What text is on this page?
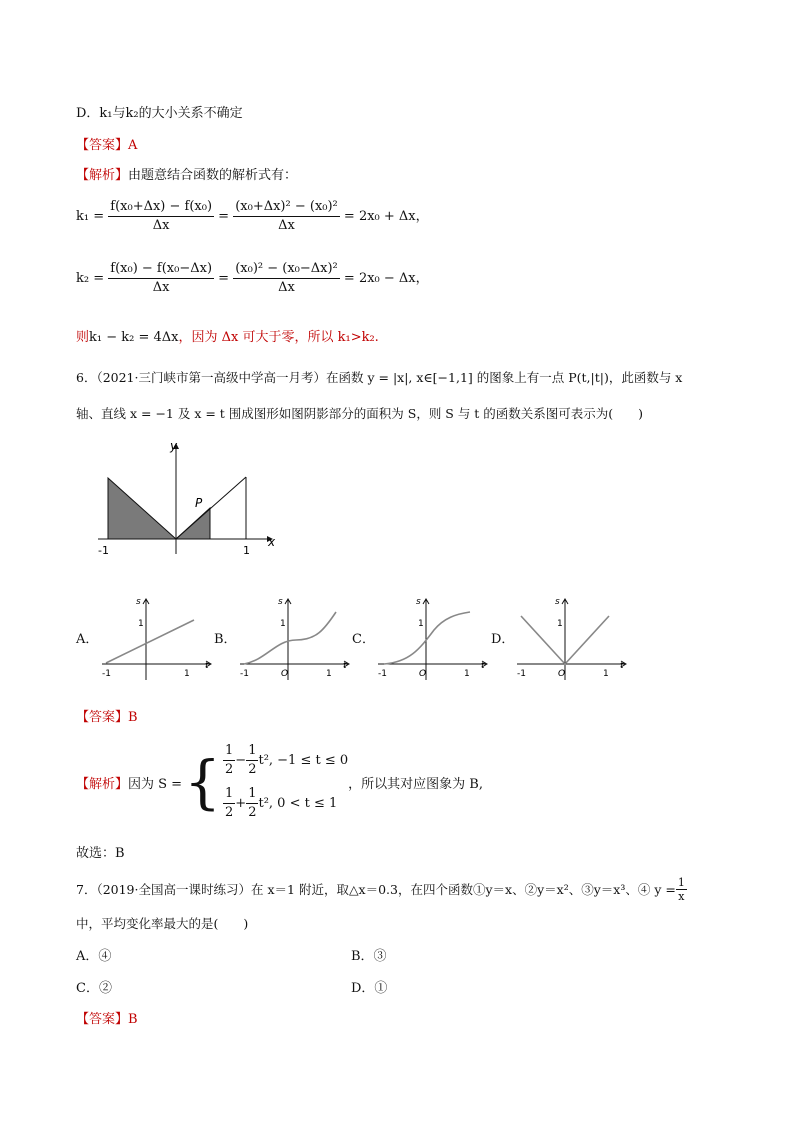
D．k₁与k₂的大小关系不确定
【答案】A
【解析】由题意结合函数的解析式有：
$k_1 = \frac{\text{f(x₀+Δx) − f(x₀)}}{\Delta x} = \frac{\text{(x₀+Δx)² − (x₀)²}}{\Delta x} = 2x_0 + \Delta x$，
$k_2 = \frac{\text{f(x₀) − f(x₀−Δx)}}{\Delta x} = \frac{\text{(x₀)² − (x₀−Δx)²}}{\Delta x} = 2x_0 - \Delta x$，
则k₁ − k₂ = 4Δx，因为 Δx 可大于零，所以 k₁>k₂.
6．（2021·三门峡市第一高级中学高一月考）在函数 y = |x|, x∈[−1,1] 的图象上有一点 P(t,|t|)，此函数与 x
轴、直线 x = −1 及 x = t 围成图形如图阴影部分的面积为 S，则 S 与 t 的函数关系图可表示为(　　)
y
x
P
-1	1
A．
s
1
t
-1	1
B．
s
1
t
-1	1
O
C．
s
1
t
-1	1
O
D．
s
1
t
-1	1
O
【答案】B
【解析】 因为 S = { $\frac{1}{2} - \frac{1}{2} t^2$, −1 ≤ t ≤ 0
$\frac{1}{2} + \frac{1}{2} t^2$, 0 < t ≤ 1
，所以其对应图象为 B,
故选：B
7．（2019·全国高一课时练习）在 x＝1 附近，取△x＝0.3，在四个函数①y＝x、②y＝x²、③y＝x³、④ $y = \frac{1}{x}$
中，平均变化率最大的是(　　)
A．④	B．③
C．②	D．①
【答案】B
